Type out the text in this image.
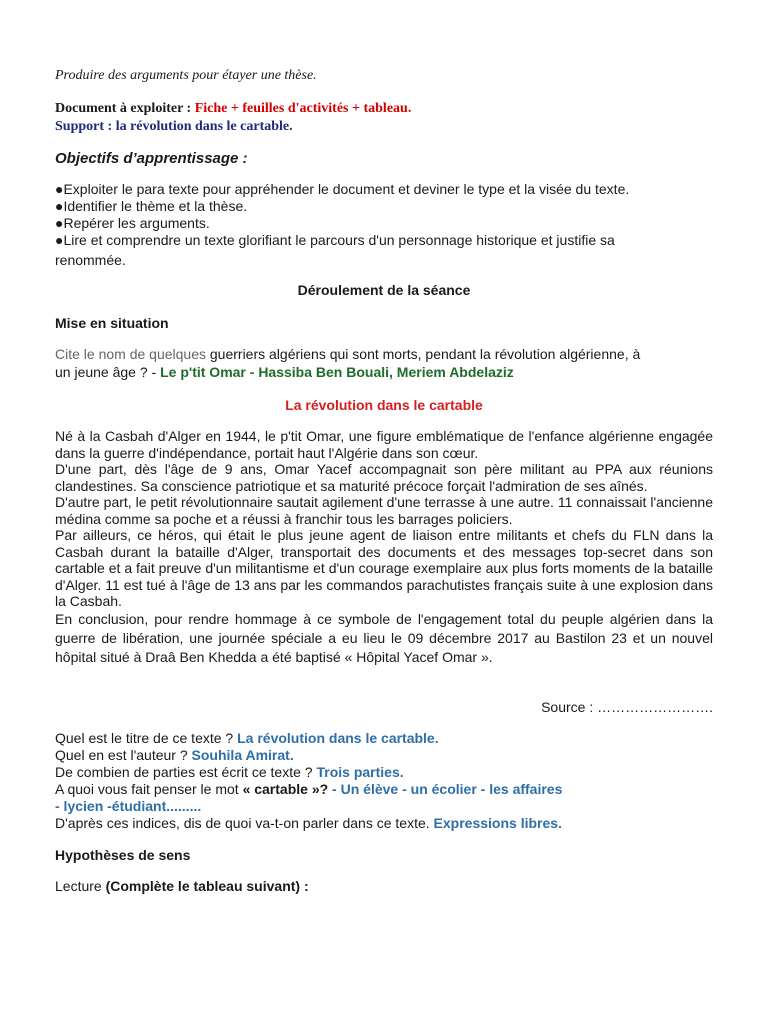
Produire des arguments pour étayer une thèse.
Document à exploiter : Fiche + feuilles d'activités + tableau.
Support : la révolution dans le cartable.
Objectifs d’apprentissage :
●Exploiter le para texte pour appréhender le document et deviner le type et la visée du texte.
●Identifier le thème et la thèse.
●Repérer les arguments.
●Lire et comprendre un texte glorifiant le parcours d'un personnage historique et justifie sa
renommée.
Déroulement de la séance
Mise en situation
Cite le nom de quelques guerriers algériens qui sont morts, pendant la révolution algérienne, à
un jeune âge ? - Le p'tit Omar - Hassiba Ben Bouali, Meriem Abdelaziz
La révolution dans le cartable

Né à la Casbah d'Alger en 1944, le p'tit Omar, une figure emblématique de l'enfance algérienne engagée dans la guerre d'indépendance, portait haut l'Algérie dans son cœur.

D'une part, dès l'âge de 9 ans, Omar Yacef accompagnait son père militant au PPA aux réunions clandestines. Sa conscience patriotique et sa maturité précoce forçait l'admiration de ses aînés.

D'autre part, le petit révolutionnaire sautait agilement d'une terrasse à une autre. 11 connaissait l'ancienne médina comme sa poche et a réussi à franchir tous les barrages policiers.

Par ailleurs, ce héros, qui était le plus jeune agent de liaison entre militants et chefs du FLN dans la Casbah durant la bataille d'Alger, transportait des documents et des messages top-secret dans son cartable et a fait preuve d'un militantisme et d'un courage exemplaire aux plus forts moments de la bataille d'Alger. 11 est tué à l'âge de 13 ans par les commandos parachutistes français suite à une explosion dans la Casbah.

En conclusion, pour rendre hommage à ce symbole de l'engagement total du peuple algérien dans la guerre de libération, une journée spéciale a eu lieu le 09 décembre 2017 au Bastilon 23 et un nouvel hôpital situé à Draâ Ben Khedda a été baptisé « Hôpital Yacef Omar ».

Source : …………………….
Quel est le titre de ce texte ? La révolution dans le cartable.
Quel en est l'auteur ? Souhila Amirat.
De combien de parties est écrit ce texte ? Trois parties.
A quoi vous fait penser le mot « cartable »? - Un élève - un écolier - les affaires
- lycien -étudiant.........
D'après ces indices, dis de quoi va-t-on parler dans ce texte. Expressions libres.
Hypothèses de sens
Lecture (Complète le tableau suivant) :
